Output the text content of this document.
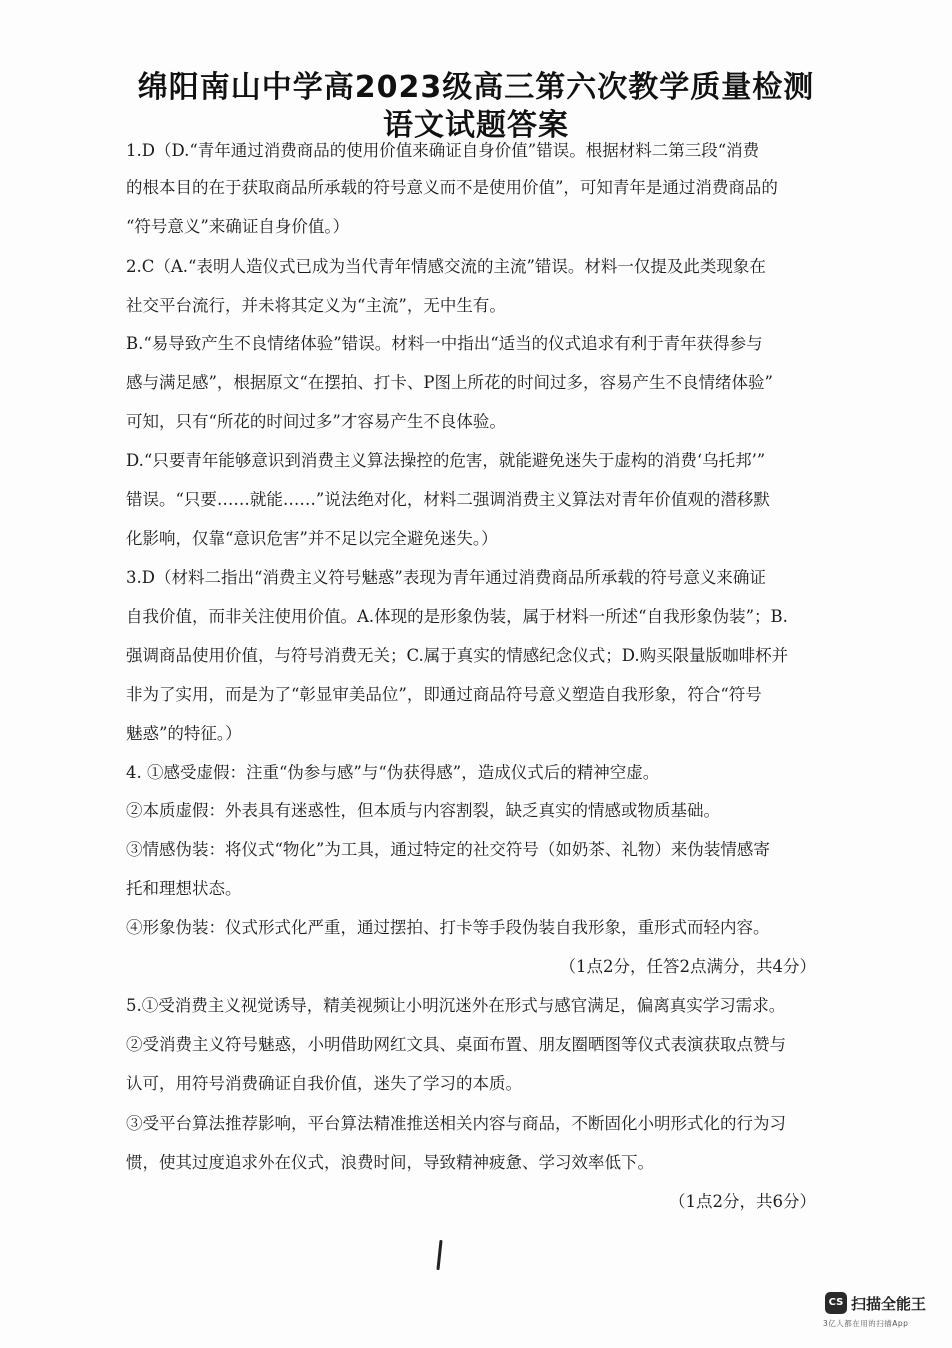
绵阳南山中学高2023级高三第六次教学质量检测
语文试题答案
1.D（D.“青年通过消费商品的使用价值来确证自身价值”错误。根据材料二第三段“消费
的根本目的在于获取商品所承载的符号意义而不是使用价值”，可知青年是通过消费商品的
“符号意义”来确证自身价值。）
2.C（A.“表明人造仪式已成为当代青年情感交流的主流”错误。材料一仅提及此类现象在
社交平台流行，并未将其定义为“主流”，无中生有。
B.“易导致产生不良情绪体验”错误。材料一中指出“适当的仪式追求有利于青年获得参与
感与满足感”，根据原文“在摆拍、打卡、P图上所花的时间过多，容易产生不良情绪体验”
可知，只有“所花的时间过多”才容易产生不良体验。
D.“只要青年能够意识到消费主义算法操控的危害，就能避免迷失于虚构的消费‘乌托邦’”
错误。“只要……就能……”说法绝对化，材料二强调消费主义算法对青年价值观的潜移默
化影响，仅靠“意识危害”并不足以完全避免迷失。）
3.D（材料二指出“消费主义符号魅惑”表现为青年通过消费商品所承载的符号意义来确证
自我价值，而非关注使用价值。A.体现的是形象伪装，属于材料一所述“自我形象伪装”；B.
强调商品使用价值，与符号消费无关；C.属于真实的情感纪念仪式；D.购买限量版咖啡杯并
非为了实用，而是为了“彰显审美品位”，即通过商品符号意义塑造自我形象，符合“符号
魅惑”的特征。）
4. ①感受虚假：注重“伪参与感”与“伪获得感”，造成仪式后的精神空虚。
②本质虚假：外表具有迷惑性，但本质与内容割裂，缺乏真实的情感或物质基础。
③情感伪装：将仪式“物化”为工具，通过特定的社交符号（如奶茶、礼物）来伪装情感寄
托和理想状态。
④形象伪装：仪式形式化严重，通过摆拍、打卡等手段伪装自我形象，重形式而轻内容。
（1点2分，任答2点满分，共4分）
5.①受消费主义视觉诱导，精美视频让小明沉迷外在形式与感官满足，偏离真实学习需求。
②受消费主义符号魅惑，小明借助网红文具、桌面布置、朋友圈晒图等仪式表演获取点赞与
认可，用符号消费确证自我价值，迷失了学习的本质。
③受平台算法推荐影响，平台算法精准推送相关内容与商品，不断固化小明形式化的行为习
惯，使其过度追求外在仪式，浪费时间，导致精神疲惫、学习效率低下。
（1点2分，共6分）
CS 扫描全能王
3亿人都在用的扫描App
